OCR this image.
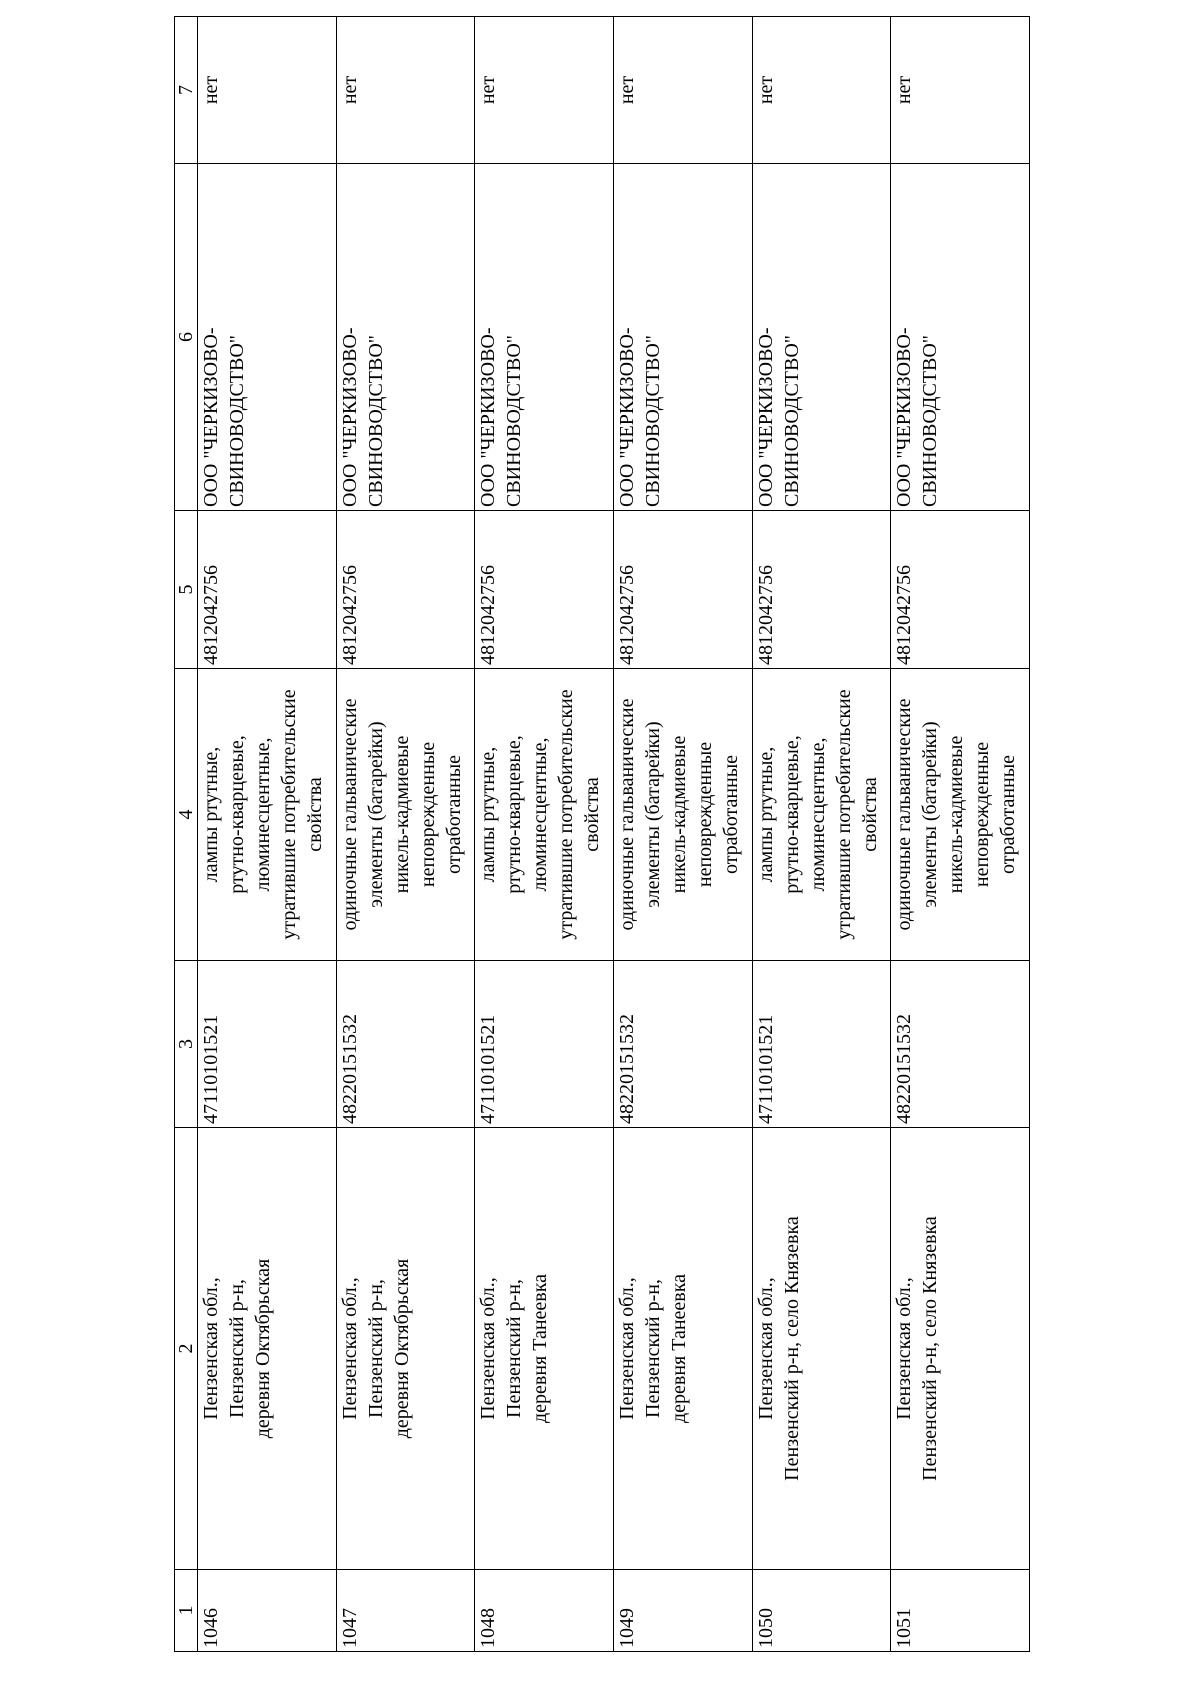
1	2	3	4	5	6	7
1046	Пензенская обл.,
Пензенский р-н,
деревня Октябрьская	47110101521	лампы ртутные,
ртутно-кварцевые,
люминесцентные,
утратившие потребительские
свойства	4812042756	ООО "ЧЕРКИЗОВО-
СВИНОВОДСТВО"	нет
1047	Пензенская обл.,
Пензенский р-н,
деревня Октябрьская	48220151532	одиночные гальванические
элементы (батарейки)
никель-кадмиевые
неповрежденные
отработанные	4812042756	ООО "ЧЕРКИЗОВО-
СВИНОВОДСТВО"	нет
1048	Пензенская обл.,
Пензенский р-н,
деревня Танеевка	47110101521	лампы ртутные,
ртутно-кварцевые,
люминесцентные,
утратившие потребительские
свойства	4812042756	ООО "ЧЕРКИЗОВО-
СВИНОВОДСТВО"	нет
1049	Пензенская обл.,
Пензенский р-н,
деревня Танеевка	48220151532	одиночные гальванические
элементы (батарейки)
никель-кадмиевые
неповрежденные
отработанные	4812042756	ООО "ЧЕРКИЗОВО-
СВИНОВОДСТВО"	нет
1050	Пензенская обл.,
Пензенский р-н, село Князевка	47110101521	лампы ртутные,
ртутно-кварцевые,
люминесцентные,
утратившие потребительские
свойства	4812042756	ООО "ЧЕРКИЗОВО-
СВИНОВОДСТВО"	нет
1051	Пензенская обл.,
Пензенский р-н, село Князевка	48220151532	одиночные гальванические
элементы (батарейки)
никель-кадмиевые
неповрежденные
отработанные	4812042756	ООО "ЧЕРКИЗОВО-
СВИНОВОДСТВО"	нет
